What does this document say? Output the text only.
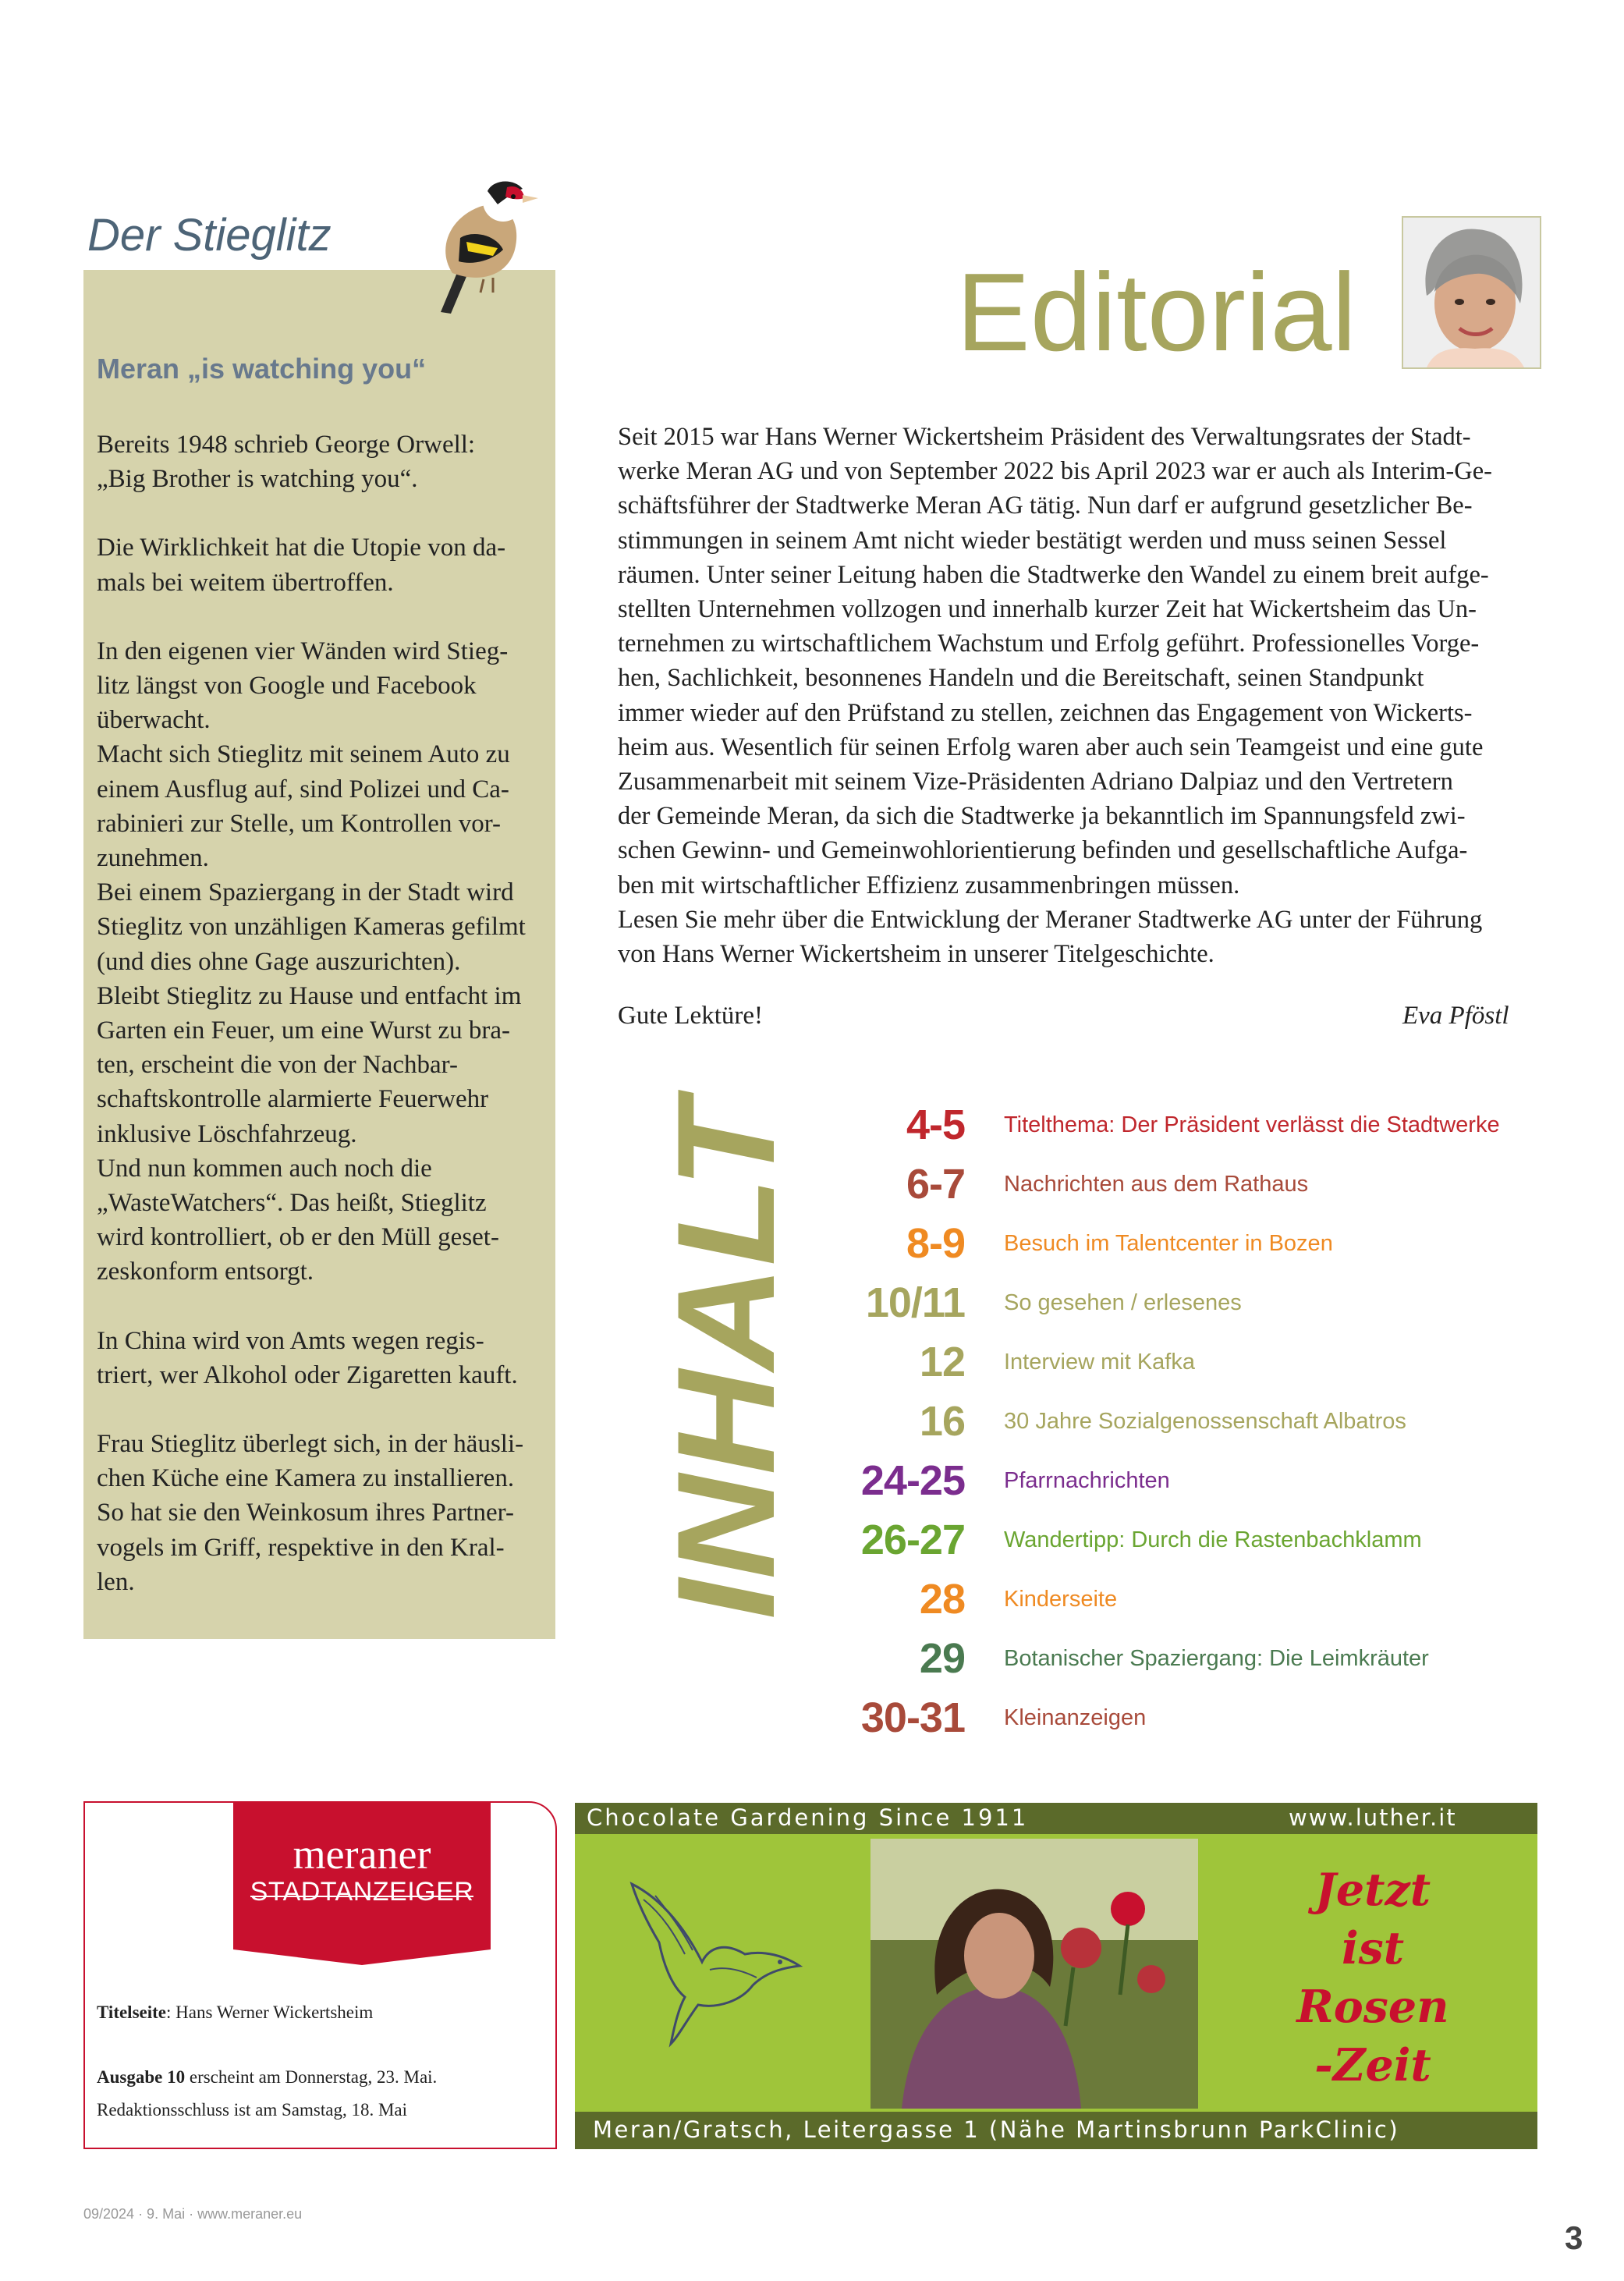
Der Stieglitz
Meran „is watching you“

Bereits 1948 schrieb George Orwell:
„Big Brother is watching you“.

Die Wirklichkeit hat die Utopie von da-
mals bei weitem übertroffen.

In den eigenen vier Wänden wird Stieg-
litz längst von Google und Facebook
überwacht.
Macht sich Stieglitz mit seinem Auto zu
einem Ausflug auf, sind Polizei und Ca-
rabinieri zur Stelle, um Kontrollen vor-
zunehmen.
Bei einem Spaziergang in der Stadt wird
Stieglitz von unzähligen Kameras gefilmt
(und dies ohne Gage auszurichten).
Bleibt Stieglitz zu Hause und entfacht im
Garten ein Feuer, um eine Wurst zu bra-
ten, erscheint die von der Nachbar-
schaftskontrolle alarmierte Feuerwehr
inklusive Löschfahrzeug.
Und nun kommen auch noch die
„WasteWatchers“. Das heißt, Stieglitz
wird kontrolliert, ob er den Müll geset-
zeskonform entsorgt.

In China wird von Amts wegen regis-
triert, wer Alkohol oder Zigaretten kauft.

Frau Stieglitz überlegt sich, in der häusli-
chen Küche eine Kamera zu installieren.
So hat sie den Weinkosum ihres Partner-
vogels im Griff, respektive in den Kral-
len.

Editorial

Seit 2015 war Hans Werner Wickertsheim Präsident des Verwaltungsrates der Stadt-
werke Meran AG und von September 2022 bis April 2023 war er auch als Interim-Ge-
schäftsführer der Stadtwerke Meran AG tätig. Nun darf er aufgrund gesetzlicher Be-
stimmungen in seinem Amt nicht wieder bestätigt werden und muss seinen Sessel
räumen. Unter seiner Leitung haben die Stadtwerke den Wandel zu einem breit aufge-
stellten Unternehmen vollzogen und innerhalb kurzer Zeit hat Wickertsheim das Un-
ternehmen zu wirtschaftlichem Wachstum und Erfolg geführt. Professionelles Vorge-
hen, Sachlichkeit, besonnenes Handeln und die Bereitschaft, seinen Standpunkt
immer wieder auf den Prüfstand zu stellen, zeichnen das Engagement von Wickerts-
heim aus. Wesentlich für seinen Erfolg waren aber auch sein Teamgeist und eine gute
Zusammenarbeit mit seinem Vize-Präsidenten Adriano Dalpiaz und den Vertretern
der Gemeinde Meran, da sich die Stadtwerke ja bekanntlich im Spannungsfeld zwi-
schen Gewinn- und Gemeinwohlorientierung befinden und gesellschaftliche Aufga-
ben mit wirtschaftlicher Effizienz zusammenbringen müssen.
Lesen Sie mehr über die Entwicklung der Meraner Stadtwerke AG unter der Führung
von Hans Werner Wickertsheim in unserer Titelgeschichte.

Gute Lektüre!	Eva Pföstl
INHALT 4-5 Titelthema: Der Präsident verlässt die Stadtwerke
6-7 Nachrichten aus dem Rathaus
8-9 Besuch im Talentcenter in Bozen
10/11 So gesehen / erlesenes
12 Interview mit Kafka
16 30 Jahre Sozialgenossenschaft Albatros
24-25 Pfarrnachrichten
26-27 Wandertipp: Durch die Rastenbachklamm
28 Kinderseite
29 Botanischer Spaziergang: Die Leimkräuter
30-31 Kleinanzeigen
meraner
STADTANZEIGER
Titelseite: Hans Werner Wickertsheim
Ausgabe 10 erscheint am Donnerstag, 23. Mai.
Redaktionsschluss ist am Samstag, 18. Mai
Chocolate Gardening Since 1911	www.luther.it
Jetzt
ist
Rosen
-Zeit
Meran/Gratsch, Leitergasse 1 (Nähe Martinsbrunn ParkClinic)
09/2024 · 9. Mai · www.meraner.eu
3
